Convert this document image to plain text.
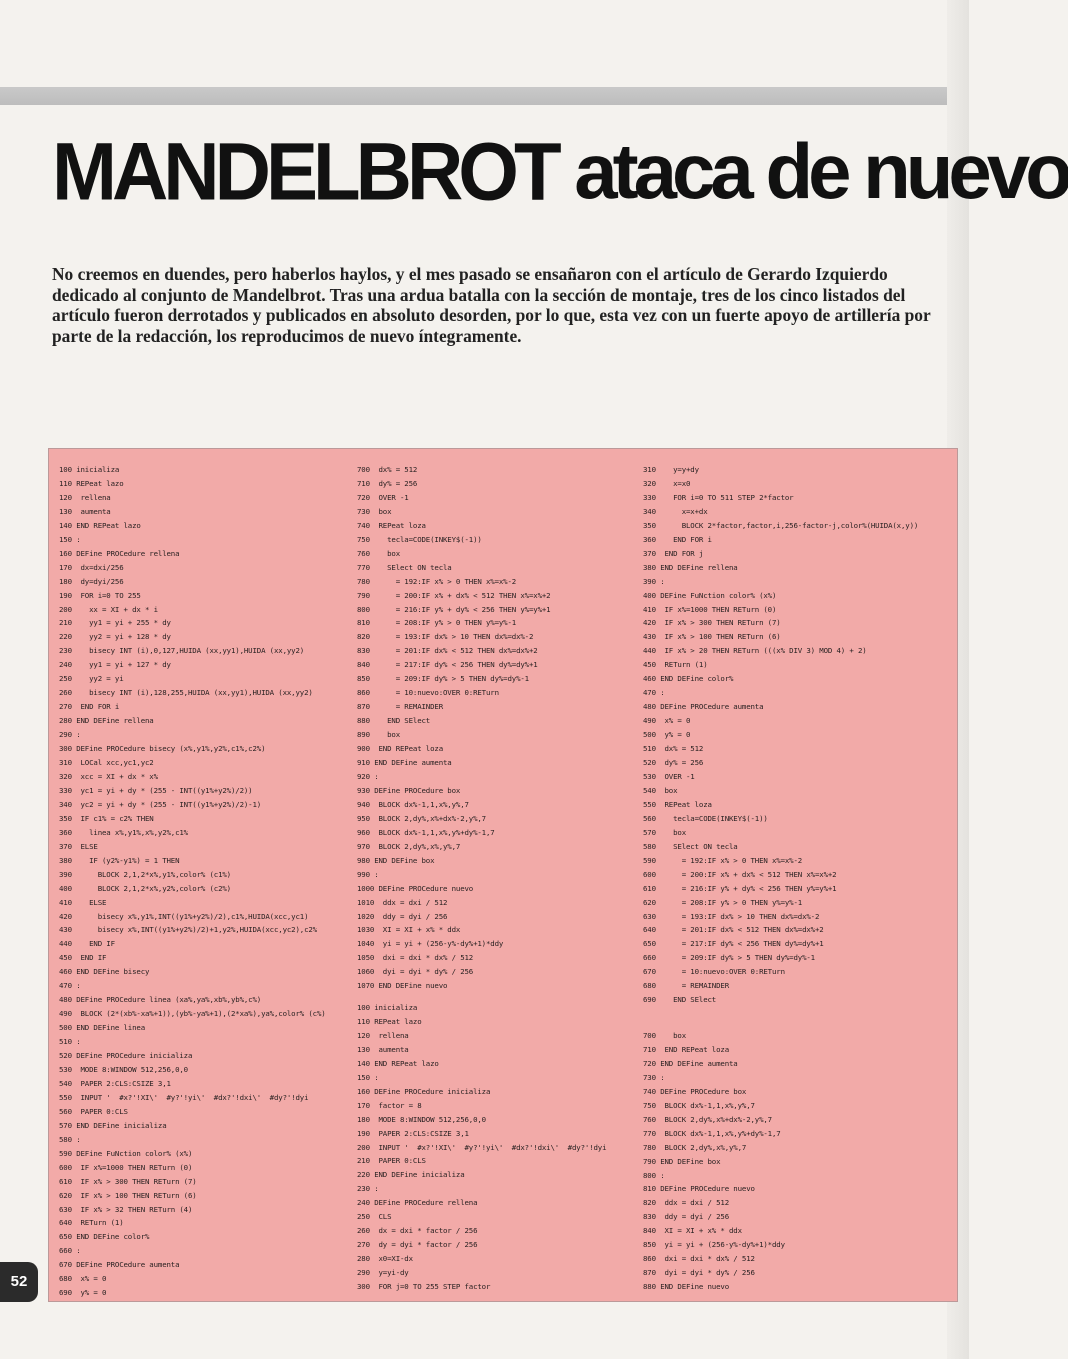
MANDELBROT ataca de nuevo

No creemos en duendes, pero haberlos haylos, y el mes pasado se ensañaron con el artículo de Gerardo Izquierdo dedicado al conjunto de Mandelbrot. Tras una ardua batalla con la sección de montaje, tres de los cinco listados del artículo fueron derrotados y publicados en absoluto desorden, por lo que, esta vez con un fuerte apoyo de artillería por parte de la redacción, los reproducimos de nuevo íntegramente.

100 inicializa
110 REPeat lazo
120  rellena
130  aumenta
140 END REPeat lazo
150 :
160 DEFine PROCedure rellena
170  dx=dxi/256
180  dy=dyi/256
190  FOR i=0 TO 255
200    xx = XI + dx * i
210    yy1 = yi + 255 * dy
220    yy2 = yi + 128 * dy
230    bisecy INT (i),0,127,HUIDA (xx,yy1),HUIDA (xx,yy2)
240    yy1 = yi + 127 * dy
250    yy2 = yi
260    bisecy INT (i),128,255,HUIDA (xx,yy1),HUIDA (xx,yy2)
270  END FOR i
280 END DEFine rellena
290 :
300 DEFine PROCedure bisecy (x%,y1%,y2%,c1%,c2%)
310  LOCal xcc,yc1,yc2
320  xcc = XI + dx * x%
330  yc1 = yi + dy * (255 - INT((y1%+y2%)/2))
340  yc2 = yi + dy * (255 - INT((y1%+y2%)/2)-1)
350  IF c1% = c2% THEN
360    linea x%,y1%,x%,y2%,c1%
370  ELSE
380    IF (y2%-y1%) = 1 THEN
390      BLOCK 2,1,2*x%,y1%,color% (c1%)
400      BLOCK 2,1,2*x%,y2%,color% (c2%)
410    ELSE
420      bisecy x%,y1%,INT((y1%+y2%)/2),c1%,HUIDA(xcc,yc1)
430      bisecy x%,INT((y1%+y2%)/2)+1,y2%,HUIDA(xcc,yc2),c2%
440    END IF
450  END IF
460 END DEFine bisecy
470 :
480 DEFine PROCedure linea (xa%,ya%,xb%,yb%,c%)
490  BLOCK (2*(xb%-xa%+1)),(yb%-ya%+1),(2*xa%),ya%,color% (c%)
500 END DEFine linea
510 :
520 DEFine PROCedure inicializa
530  MODE 8:WINDOW 512,256,0,0
540  PAPER 2:CLS:CSIZE 3,1
550  INPUT '  #x?'!XI\'  #y?'!yi\'  #dx?'!dxi\'  #dy?'!dyi
560  PAPER 0:CLS
570 END DEFine inicializa
580 :
590 DEFine FuNction color% (x%)
600  IF x%=1000 THEN RETurn (0)
610  IF x% > 300 THEN RETurn (7)
620  IF x% > 100 THEN RETurn (6)
630  IF x% > 32 THEN RETurn (4)
640  RETurn (1)
650 END DEFine color%
660 :
670 DEFine PROCedure aumenta
680  x% = 0
690  y% = 0
700  dx% = 512
710  dy% = 256
720  OVER -1
730  box
740  REPeat loza
750    tecla=CODE(INKEY$(-1))
760    box
770    SElect ON tecla
780      = 192:IF x% > 0 THEN x%=x%-2
790      = 200:IF x% + dx% < 512 THEN x%=x%+2
800      = 216:IF y% + dy% < 256 THEN y%=y%+1
810      = 208:IF y% > 0 THEN y%=y%-1
820      = 193:IF dx% > 10 THEN dx%=dx%-2
830      = 201:IF dx% < 512 THEN dx%=dx%+2
840      = 217:IF dy% < 256 THEN dy%=dy%+1
850      = 209:IF dy% > 5 THEN dy%=dy%-1
860      = 10:nuevo:OVER 0:RETurn
870      = REMAINDER
880    END SElect
890    box
900  END REPeat loza
910 END DEFine aumenta
920 :
930 DEFine PROCedure box
940  BLOCK dx%-1,1,x%,y%,7
950  BLOCK 2,dy%,x%+dx%-2,y%,7
960  BLOCK dx%-1,1,x%,y%+dy%-1,7
970  BLOCK 2,dy%,x%,y%,7
980 END DEFine box
990 :
1000 DEFine PROCedure nuevo
1010  ddx = dxi / 512
1020  ddy = dyi / 256
1030  XI = XI + x% * ddx
1040  yi = yi + (256-y%-dy%+1)*ddy
1050  dxi = dxi * dx% / 512
1060  dyi = dyi * dy% / 256
1070 END DEFine nuevo
100 inicializa
110 REPeat lazo
120  rellena
130  aumenta
140 END REPeat lazo
150 :
160 DEFine PROCedure inicializa
170  factor = 8
180  MODE 8:WINDOW 512,256,0,0
190  PAPER 2:CLS:CSIZE 3,1
200  INPUT '  #x?'!XI\'  #y?'!yi\'  #dx?'!dxi\'  #dy?'!dyi
210  PAPER 0:CLS
220 END DEFine inicializa
230 :
240 DEFine PROCedure rellena
250  CLS
260  dx = dxi * factor / 256
270  dy = dyi * factor / 256
280  x0=XI-dx
290  y=yi-dy
300  FOR j=0 TO 255 STEP factor
310    y=y+dy
320    x=x0
330    FOR i=0 TO 511 STEP 2*factor
340      x=x+dx
350      BLOCK 2*factor,factor,i,256-factor-j,color%(HUIDA(x,y))
360    END FOR i
370  END FOR j
380 END DEFine rellena
390 :
400 DEFine FuNction color% (x%)
410  IF x%=1000 THEN RETurn (0)
420  IF x% > 300 THEN RETurn (7)
430  IF x% > 100 THEN RETurn (6)
440  IF x% > 20 THEN RETurn (((x% DIV 3) MOD 4) + 2)
450  RETurn (1)
460 END DEFine color%
470 :
480 DEFine PROCedure aumenta
490  x% = 0
500  y% = 0
510  dx% = 512
520  dy% = 256
530  OVER -1
540  box
550  REPeat loza
560    tecla=CODE(INKEY$(-1))
570    box
580    SElect ON tecla
590      = 192:IF x% > 0 THEN x%=x%-2
600      = 200:IF x% + dx% < 512 THEN x%=x%+2
610      = 216:IF y% + dy% < 256 THEN y%=y%+1
620      = 208:IF y% > 0 THEN y%=y%-1
630      = 193:IF dx% > 10 THEN dx%=dx%-2
640      = 201:IF dx% < 512 THEN dx%=dx%+2
650      = 217:IF dy% < 256 THEN dy%=dy%+1
660      = 209:IF dy% > 5 THEN dy%=dy%-1
670      = 10:nuevo:OVER 0:RETurn
680      = REMAINDER
690    END SElect
700    box
710  END REPeat loza
720 END DEFine aumenta
730 :
740 DEFine PROCedure box
750  BLOCK dx%-1,1,x%,y%,7
760  BLOCK 2,dy%,x%+dx%-2,y%,7
770  BLOCK dx%-1,1,x%,y%+dy%-1,7
780  BLOCK 2,dy%,x%,y%,7
790 END DEFine box
800 :
810 DEFine PROCedure nuevo
820  ddx = dxi / 512
830  ddy = dyi / 256
840  XI = XI + x% * ddx
850  yi = yi + (256-y%-dy%+1)*ddy
860  dxi = dxi * dx% / 512
870  dyi = dyi * dy% / 256
880 END DEFine nuevo
52
